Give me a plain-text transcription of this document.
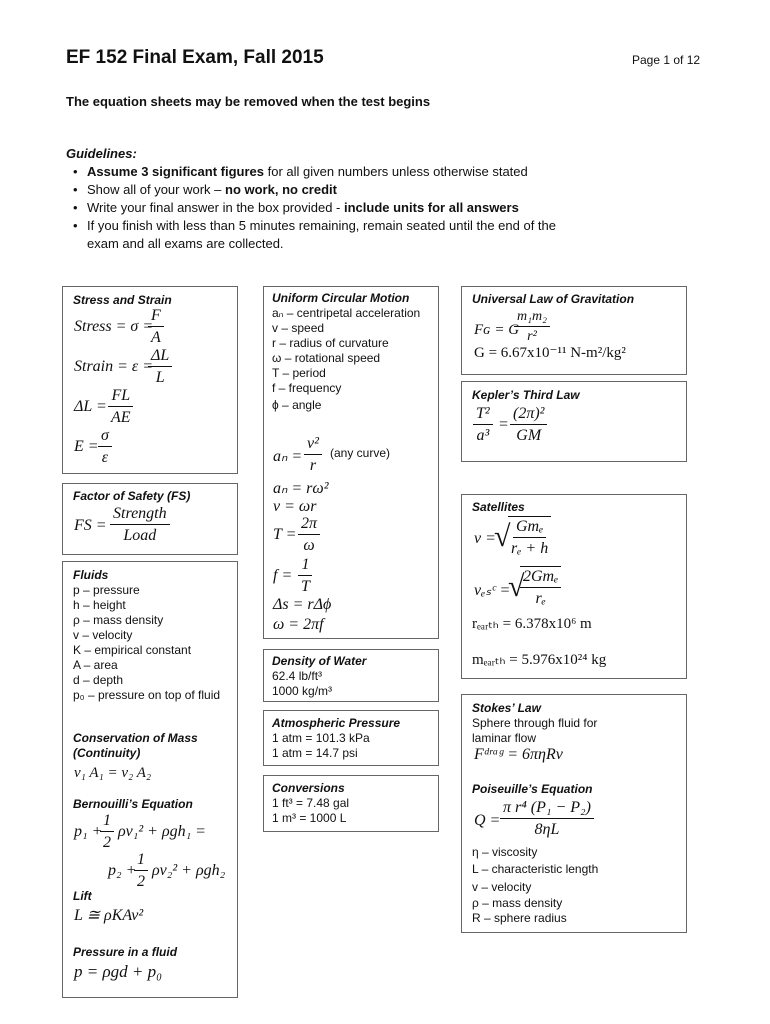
EF 152 Final Exam, Fall 2015	Page 1 of 12
The equation sheets may be removed when the test begins
Guidelines:
• Assume 3 significant figures for all given numbers unless otherwise stated
• Show all of your work – no work, no credit
• Write your final answer in the box provided - include units for all answers
• If you finish with less than 5 minutes remaining, remain seated until the end of the
exam and all exams are collected.
Stress and Strain
Stress = σ =
$\frac{F}{A}$
Strain = ε =
$\frac{\Delta L}{L}$
$\Delta L = \frac{FL}{AE}$
$E = \frac{\sigma}{\varepsilon}$
Factor of Safety (FS)
FS =
Strength
Load
Fluids
p – pressure
h – height
ρ – mass density
v – velocity
K – empirical constant
A – area
d – depth
p₀ – pressure on top of fluid
Conservation of Mass
(Continuity)
v₁ A₁ = v₂ A₂
Bernouilli’s Equation
p₁ +
$\frac{1}{2} \rho v_1^2 + \rho gh_1$ =
p₂ +
$\frac{1}{2} \rho v_2^2 + \rho gh_2$
Lift
L ≅ ρKAv²
Pressure in a fluid
p = ρgd + p₀
Uniform Circular Motion
aₙ – centripetal acceleration
v – speed
r – radius of curvature
ω – rotational speed
T – period
f – frequency
ϕ – angle
$a_n = \frac{\text{v²}}{r} (any$ curve)
aₙ = rω²
v = ωr
$T = \frac{2\pi}{\omega}$
$f = \frac{1}{T}$
Δs = rΔϕ
ω = 2πf
Density of Water
62.4 lb/ft³
1000 kg/m³
Atmospheric Pressure
1 atm = 101.3 kPa
1 atm = 14.7 psi
Conversions
1 ft³ = 7.48 gal
1 m³ = 1000 L
Universal Law of Gravitation
Fɢ = G
$\frac{\text{m₁m₂}}{\text{r²}}$
G = 6.67x10⁻¹¹ N-m²/kg²
Kepler’s Third Law
$\frac{\text{T²}}{\text{a³}} = \frac{\text{(2π)²}}{GM}$
Satellites
v =
√ Gmₑ
rₑ + h
vₑₛᶜ =
√
2Gmₑ
rₑ
rₑₐᵣₜₕ = 6.378x10⁶ m
mₑₐᵣₜₕ = 5.976x10²⁴ kg
Stokes’ Law
Sphere through fluid for
laminar flow
Fᵈʳᵃᵍ = 6πηRv
Poiseuille’s Equation
$Q = \frac{\text{π r⁴ (P₁ − P₂)}}{8\eta L}$
η – viscosity
L – characteristic length
v – velocity
ρ – mass density
R – sphere radius
